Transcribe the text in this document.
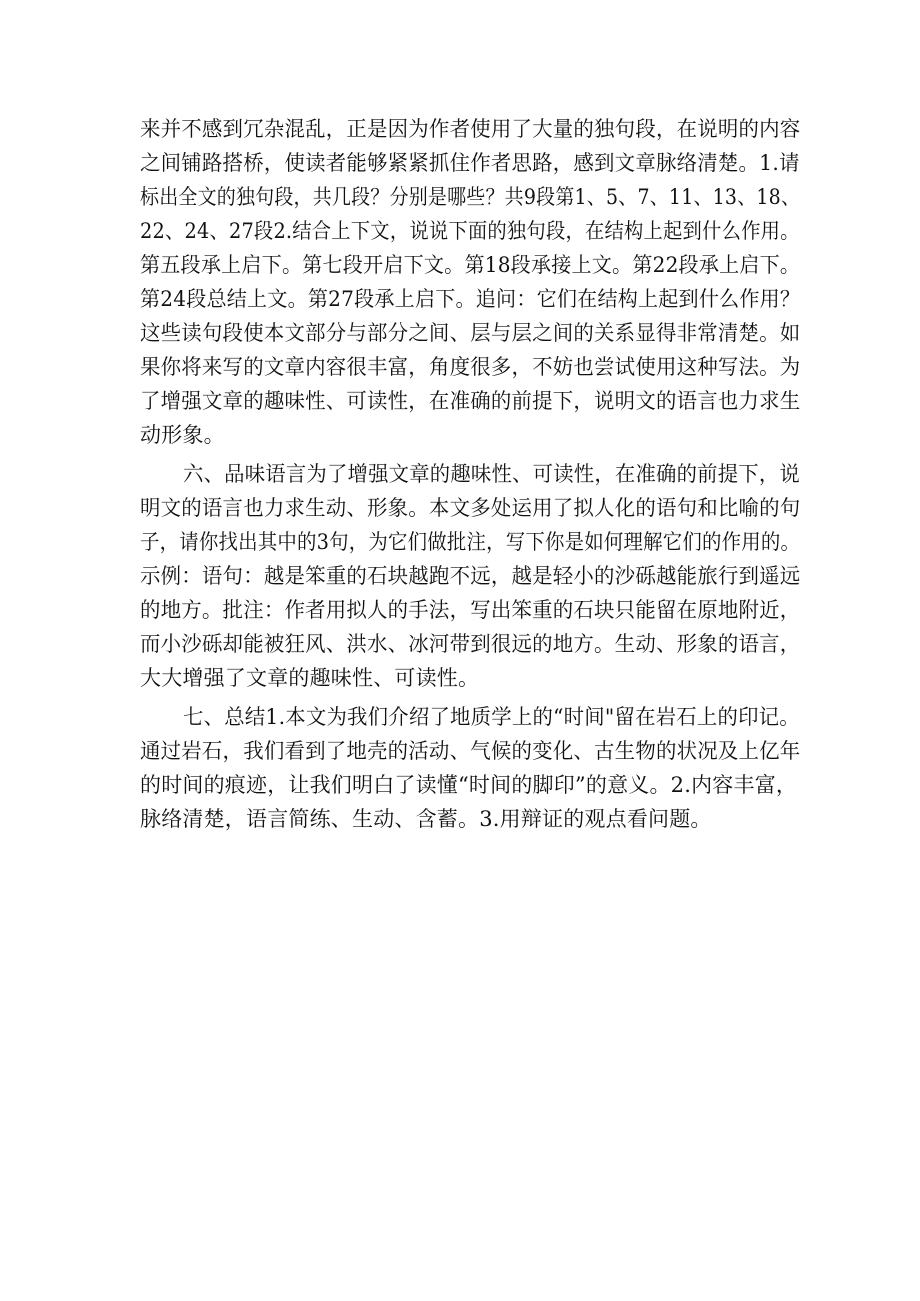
来并不感到冗杂混乱，正是因为作者使用了大量的独句段，在说明的内容
之间铺路搭桥，使读者能够紧紧抓住作者思路，感到文章脉络清楚。1.请
标出全文的独句段，共几段？分别是哪些？共9段第1、5、7、11、13、18、
22、24、27段2.结合上下文，说说下面的独句段，在结构上起到什么作用。
第五段承上启下。第七段开启下文。第18段承接上文。第22段承上启下。
第24段总结上文。第27段承上启下。追问：它们在结构上起到什么作用？
这些读句段使本文部分与部分之间、层与层之间的关系显得非常清楚。如
果你将来写的文章内容很丰富，角度很多，不妨也尝试使用这种写法。为
了增强文章的趣味性、可读性，在准确的前提下，说明文的语言也力求生
动形象。
六、品味语言为了增强文章的趣味性、可读性，在准确的前提下，说
明文的语言也力求生动、形象。本文多处运用了拟人化的语句和比喻的句
子，请你找出其中的3句，为它们做批注，写下你是如何理解它们的作用的。
示例：语句：越是笨重的石块越跑不远，越是轻小的沙砾越能旅行到遥远
的地方。批注：作者用拟人的手法，写出笨重的石块只能留在原地附近，
而小沙砾却能被狂风、洪水、冰河带到很远的地方。生动、形象的语言，
大大增强了文章的趣味性、可读性。
七、总结1.本文为我们介绍了地质学上的“时间"留在岩石上的印记。
通过岩石，我们看到了地壳的活动、气候的变化、古生物的状况及上亿年
的时间的痕迹，让我们明白了读懂“时间的脚印”的意义。2.内容丰富，
脉络清楚，语言简练、生动、含蓄。3.用辩证的观点看问题。
